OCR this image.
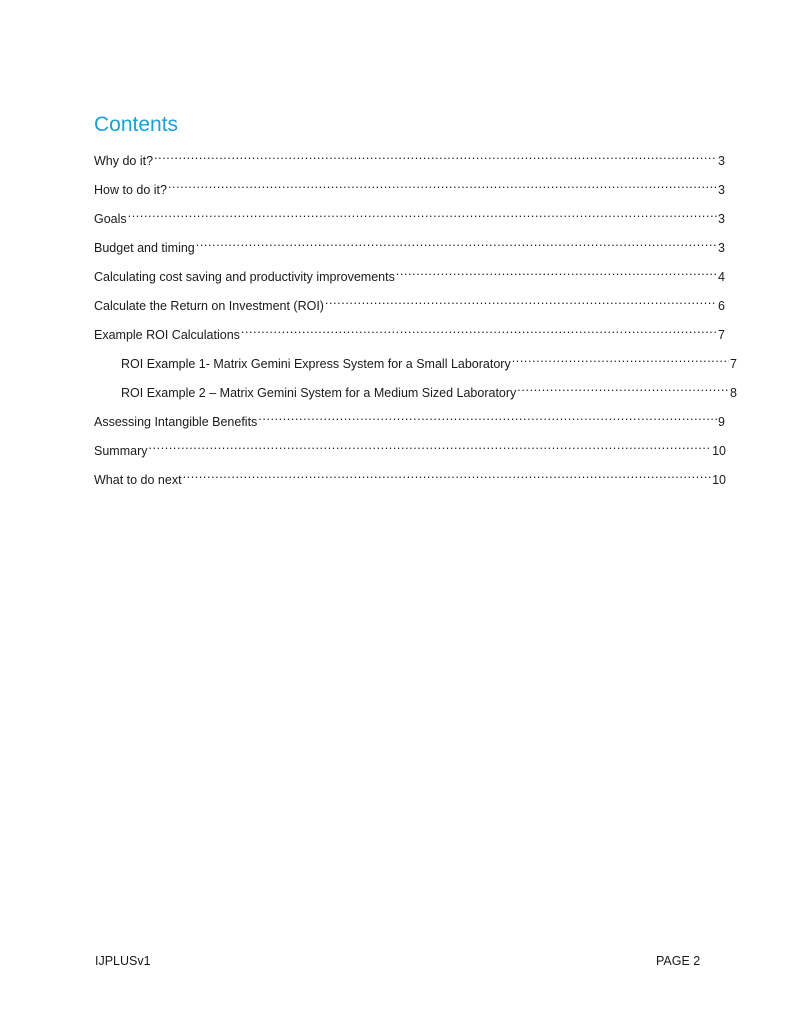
Contents
Why do it? .....	3
How to do it? .....	3
Goals .....	3
Budget and timing .....	3
Calculating cost saving and productivity improvements .....	4
Calculate the Return on Investment (ROI) .....	6
Example ROI Calculations .....	7
ROI Example 1- Matrix Gemini Express System for a Small Laboratory .....	7
ROI Example 2 – Matrix Gemini System for a Medium Sized Laboratory .....	8
Assessing Intangible Benefits .....	9
Summary .....	10
What to do next .....	10
IJPLUSv1	PAGE 2
